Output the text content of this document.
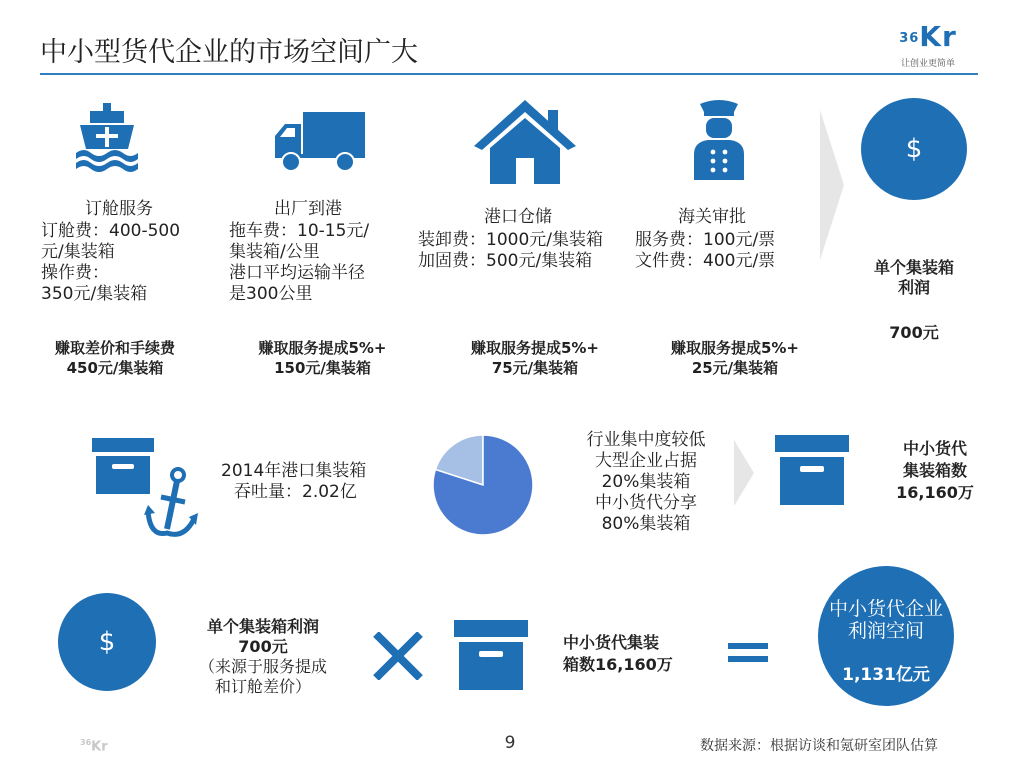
中小型货代企业的市场空间广大	$^{36}$Kr
让创业更简单
订舱服务
订舱费：400-500
元/集装箱
操作费：
350元/集装箱
赚取差价和手续费
450元/集装箱
出厂到港
拖车费：10-15元/
集装箱/公里
港口平均运输半径
是300公里
赚取服务提成5%+
150元/集装箱
港口仓储
装卸费：1000元/集装箱
加固费：500元/集装箱
赚取服务提成5%+
75元/集装箱
海关审批
服务费：100元/票
文件费：400元/票
赚取服务提成5%+
25元/集装箱
$
单个集装箱
利润
700元
2014年港口集装箱
吞吐量：2.02亿
行业集中度较低
大型企业占据
20%集装箱
中小货代分享
80%集装箱
中小货代
集装箱数
16,160万
$
单个集装箱利润
700元
（来源于服务提成
和订舱差价）
中小货代集装
箱数16,160万
中小货代企业
利润空间
1,131亿元
$^{36}$Kr	9	数据来源：根据访谈和氪研室团队估算
